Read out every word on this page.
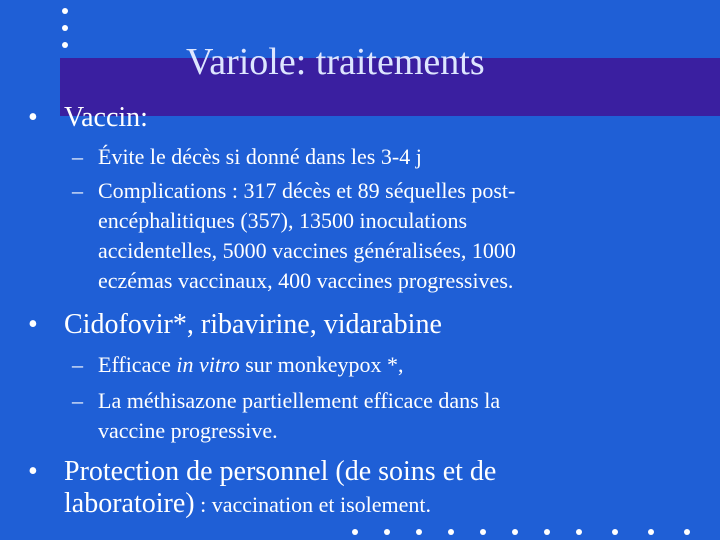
Variole: traitements
• Vaccin:
– Évite le décès si donné dans les 3-4 j
– Complications : 317 décès et 89 séquelles post-
encéphalitiques (357), 13500 inoculations
accidentelles, 5000 vaccines généralisées, 1000
eczémas vaccinaux, 400 vaccines progressives.
• Cidofovir*, ribavirine, vidarabine
– Efficace in vitro sur monkeypox *,
– La méthisazone partiellement efficace dans la
vaccine progressive.
• Protection de personnel (de soins et de
laboratoire) : vaccination et isolement.
